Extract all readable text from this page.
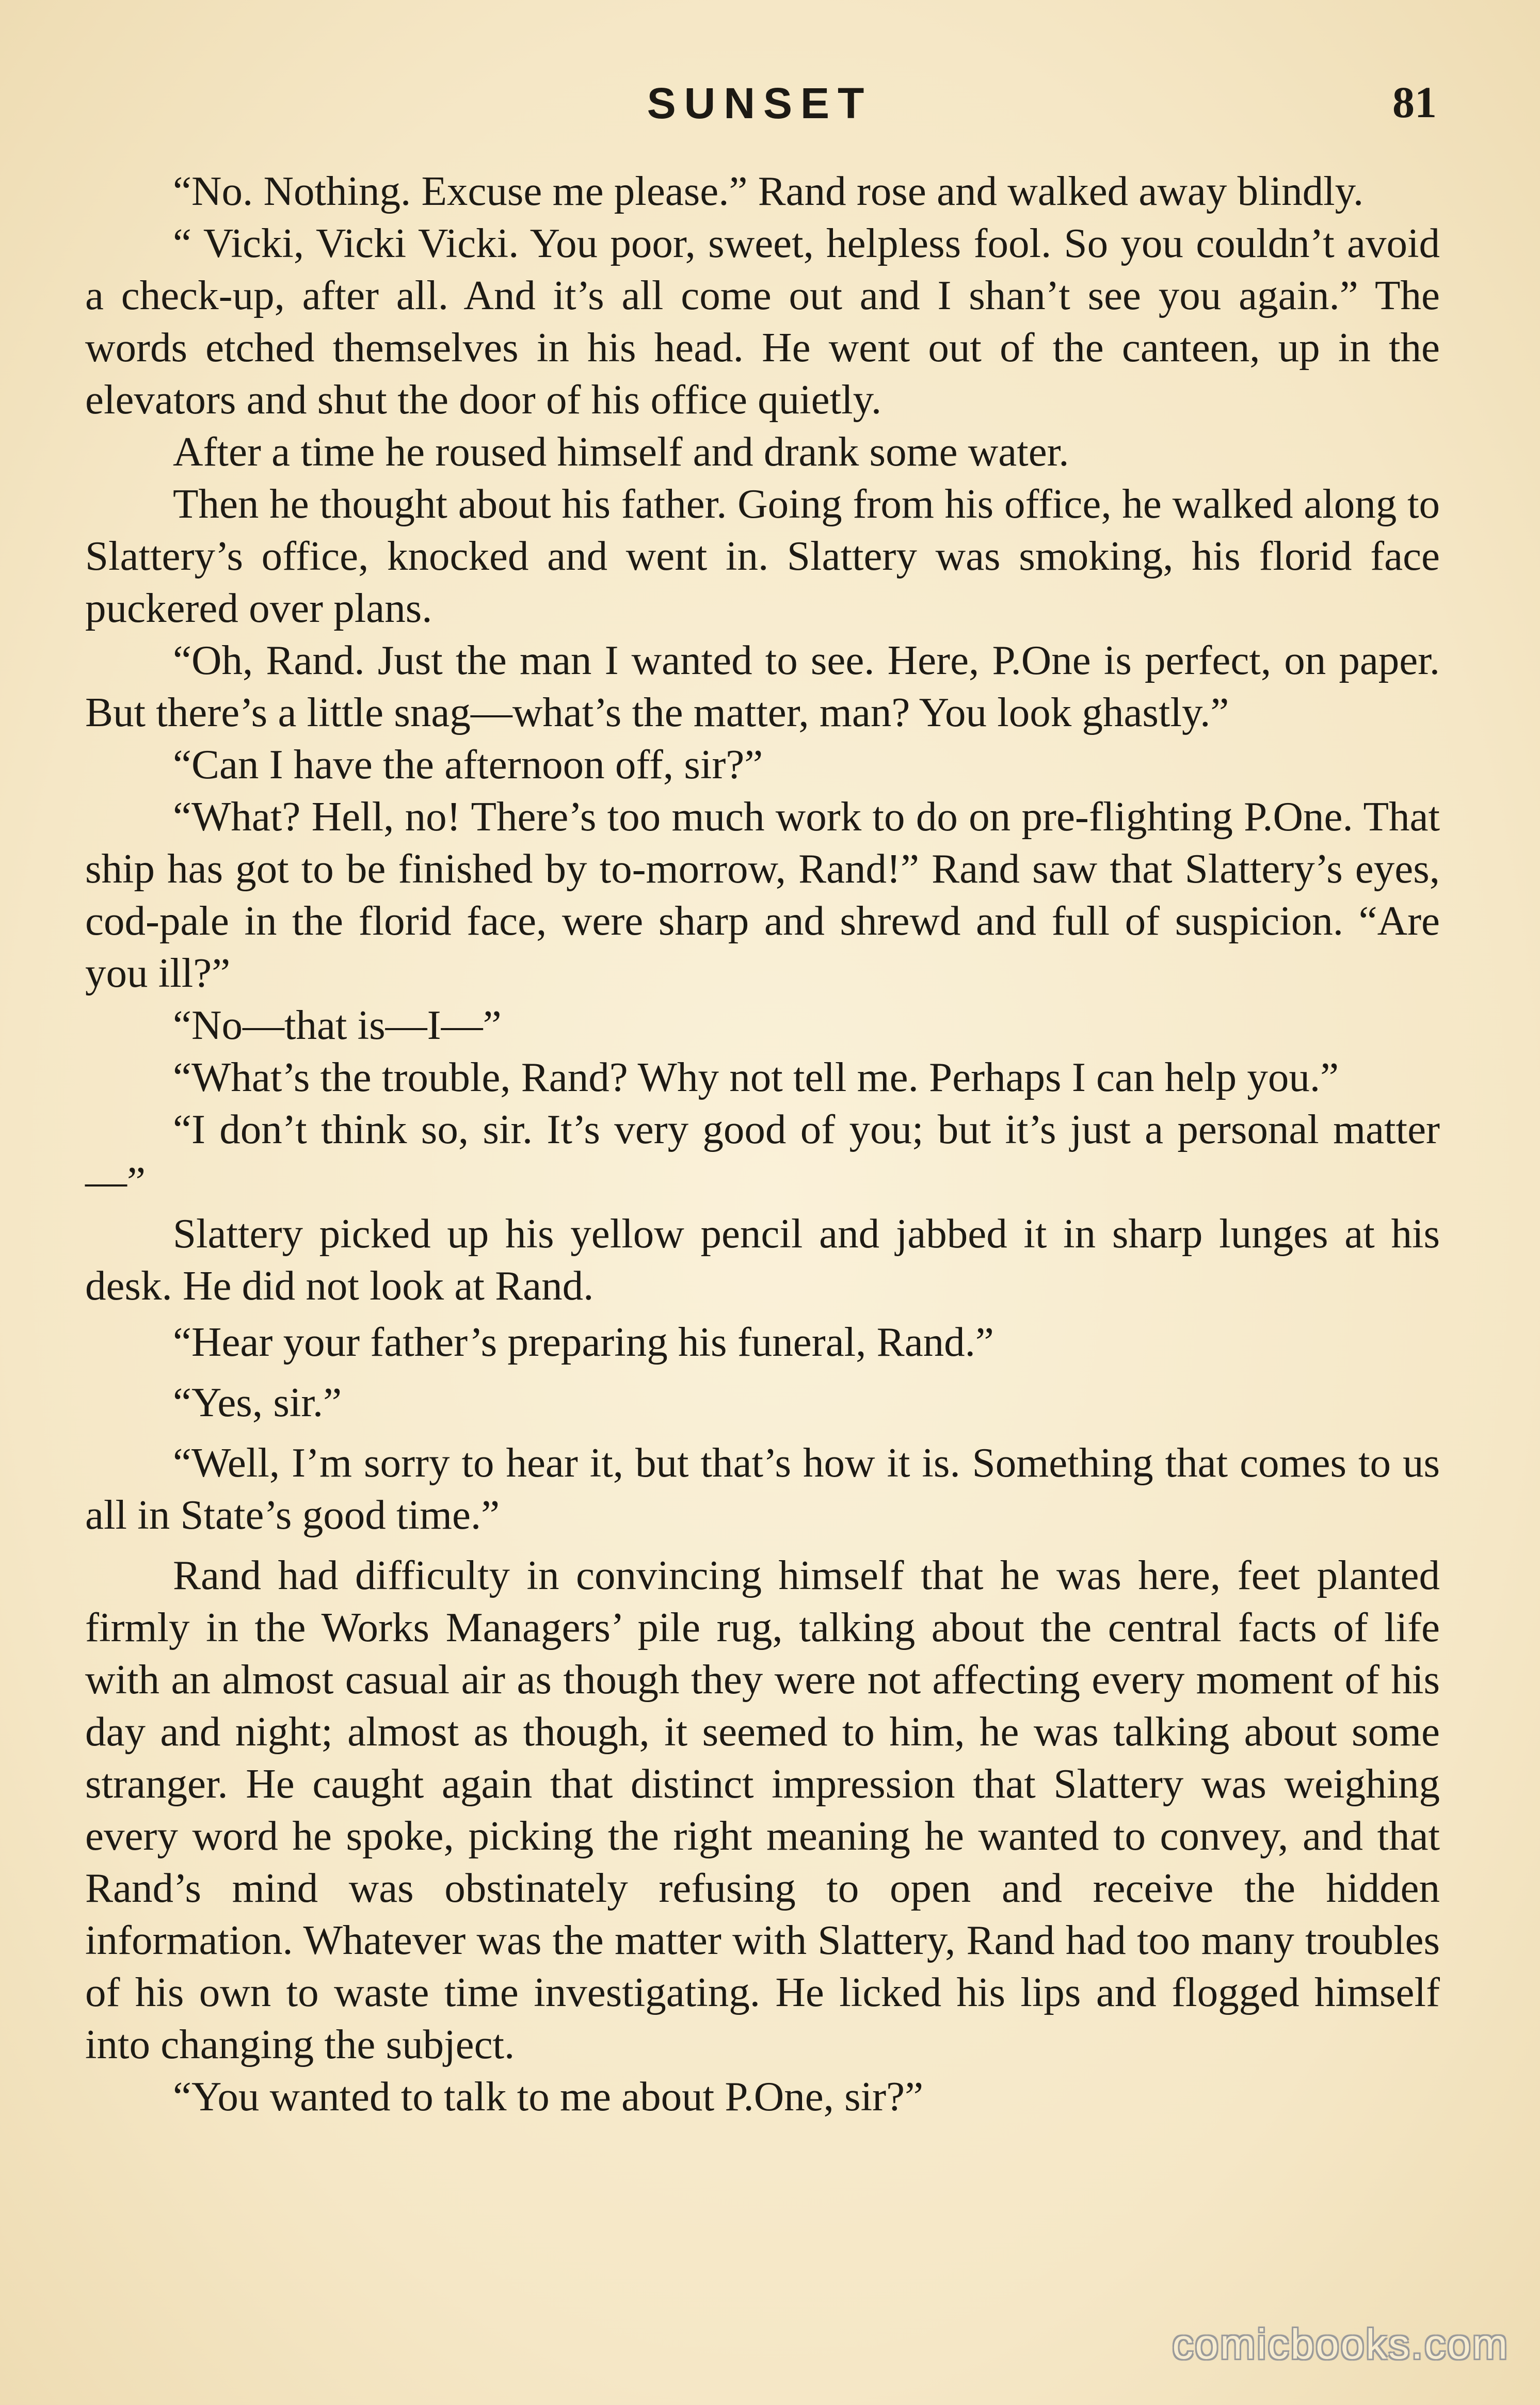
SUNSET	81

“No. Nothing. Excuse me please.” Rand rose and walked away blindly.

“ Vicki, Vicki Vicki. You poor, sweet, helpless fool. So you couldn’t avoid a check-up, after all. And it’s all come out and I shan’t see you again.” The words etched themselves in his head. He went out of the canteen, up in the elevators and shut the door of his office quietly.

After a time he roused himself and drank some water.

Then he thought about his father. Going from his office, he walked along to Slattery’s office, knocked and went in. Slattery was smoking, his florid face puckered over plans.

“Oh, Rand. Just the man I wanted to see. Here, P.One is perfect, on paper. But there’s a little snag—what’s the matter, man? You look ghastly.”

“Can I have the afternoon off, sir?”

“What? Hell, no! There’s too much work to do on pre-flighting P.One. That ship has got to be finished by to-morrow, Rand!” Rand saw that Slattery’s eyes, cod-pale in the florid face, were sharp and shrewd and full of suspicion. “Are you ill?”

“No—that is—I—”

“What’s the trouble, Rand? Why not tell me. Perhaps I can help you.”

“I don’t think so, sir. It’s very good of you; but it’s just a personal matter —”

Slattery picked up his yellow pencil and jabbed it in sharp lunges at his desk. He did not look at Rand.

“Hear your father’s preparing his funeral, Rand.”

“Yes, sir.”

“Well, I’m sorry to hear it, but that’s how it is. Something that comes to us all in State’s good time.”

Rand had difficulty in convincing himself that he was here, feet planted firmly in the Works Managers’ pile rug, talking about the central facts of life with an almost casual air as though they were not affecting every moment of his day and night; almost as though, it seemed to him, he was talking about some stranger. He caught again that distinct impression that Slattery was weighing every word he spoke, picking the right meaning he wanted to convey, and that Rand’s mind was obstinately refusing to open and receive the hidden information. Whatever was the matter with Slattery, Rand had too many troubles of his own to waste time investigating. He licked his lips and flogged himself into changing the subject.

“You wanted to talk to me about P.One, sir?”

comicbooks.com
